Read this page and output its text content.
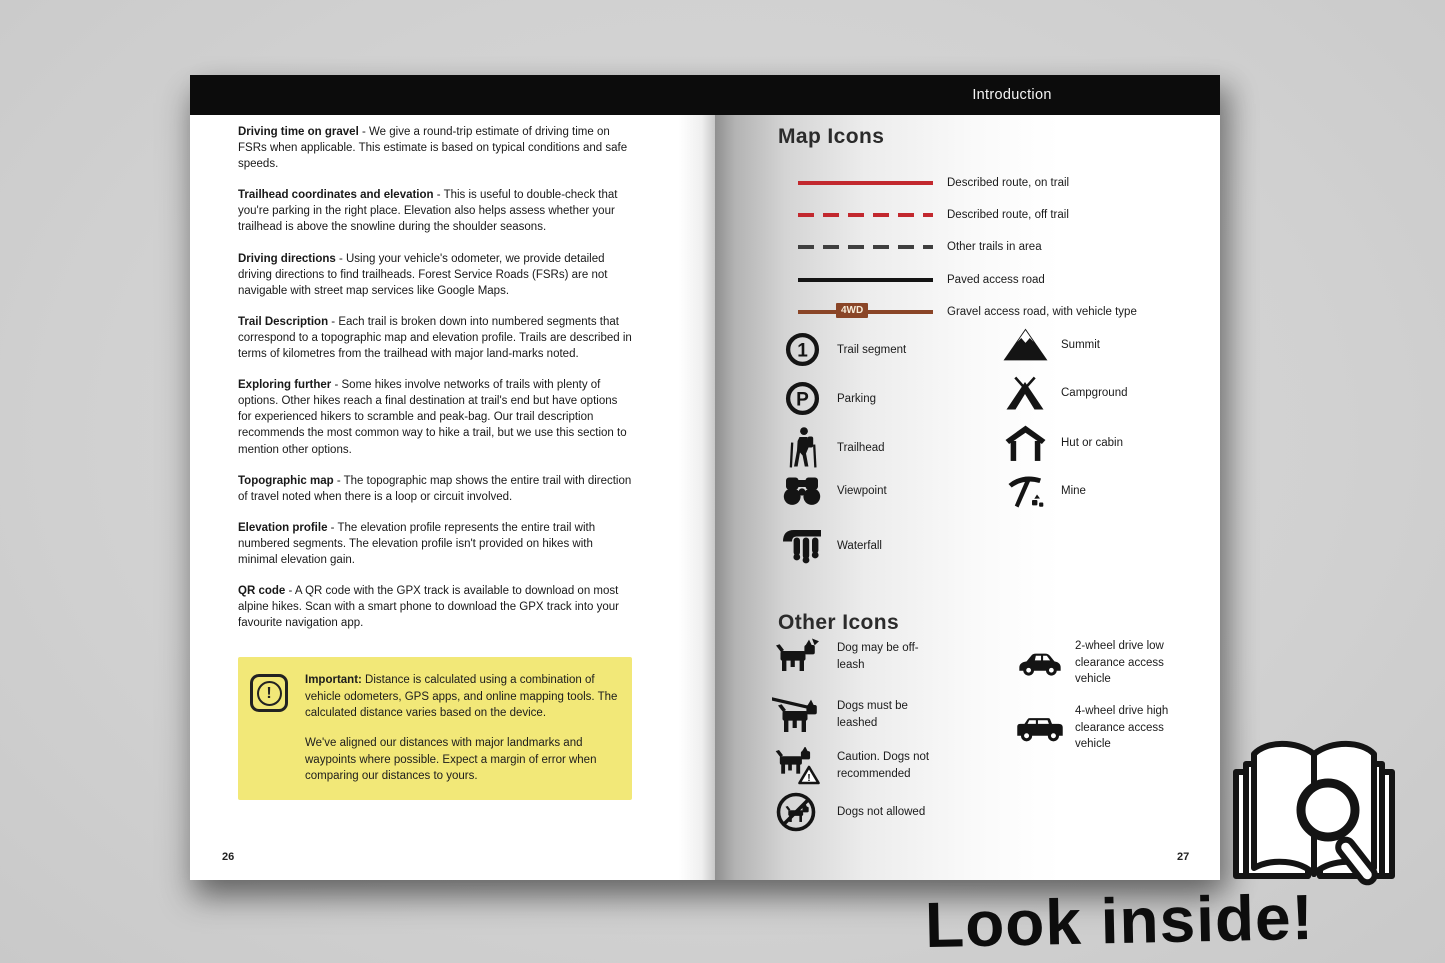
Introduction

Driving time on gravel - We give a round-trip estimate of driving time on FSRs when applicable. This estimate is based on typical conditions and safe speeds.

Trailhead coordinates and elevation - This is useful to double-check that you're parking in the right place. Elevation also helps assess whether your trailhead is above the snowline during the shoulder seasons.

Driving directions - Using your vehicle's odometer, we provide detailed driving directions to find trailheads. Forest Service Roads (FSRs) are not navigable with street map services like Google Maps.

Trail Description - Each trail is broken down into numbered segments that correspond to a topographic map and elevation profile. Trails are described in terms of kilometres from the trailhead with major land-marks noted.

Exploring further - Some hikes involve networks of trails with plenty of options. Other hikes reach a final destination at trail's end but have options for experienced hikers to scramble and peak-bag. Our trail description recommends the most common way to hike a trail, but we use this section to mention other options.

Topographic map - The topographic map shows the entire trail with direction of travel noted when there is a loop or circuit involved.

Elevation profile - The elevation profile represents the entire trail with numbered segments. The elevation profile isn't provided on hikes with minimal elevation gain.

QR code - A QR code with the GPX track is available to download on most alpine hikes. Scan with a smart phone to download the GPX track into your favourite navigation app.

!
Important: Distance is calculated using a combination of vehicle odometers, GPS apps, and online mapping tools. The calculated distance varies based on the device.
We've aligned our distances with major landmarks and waypoints where possible. Expect a margin of error when comparing our distances to yours.
Map Icons
Described route, on trail
Described route, off trail
Other trails in area
Paved access road
4WD	Gravel access road, with vehicle type
1	Trail segment
P Parking
Trailhead
Viewpoint
Waterfall
Summit
Campground
Hut or cabin
Mine
Other Icons
Dog may be off-leash
Dogs must be leashed
!
Caution. Dogs not recommended
Dogs not allowed
2-wheel drive low clearance access vehicle
4-wheel drive high clearance access vehicle
26	27
Look inside!
